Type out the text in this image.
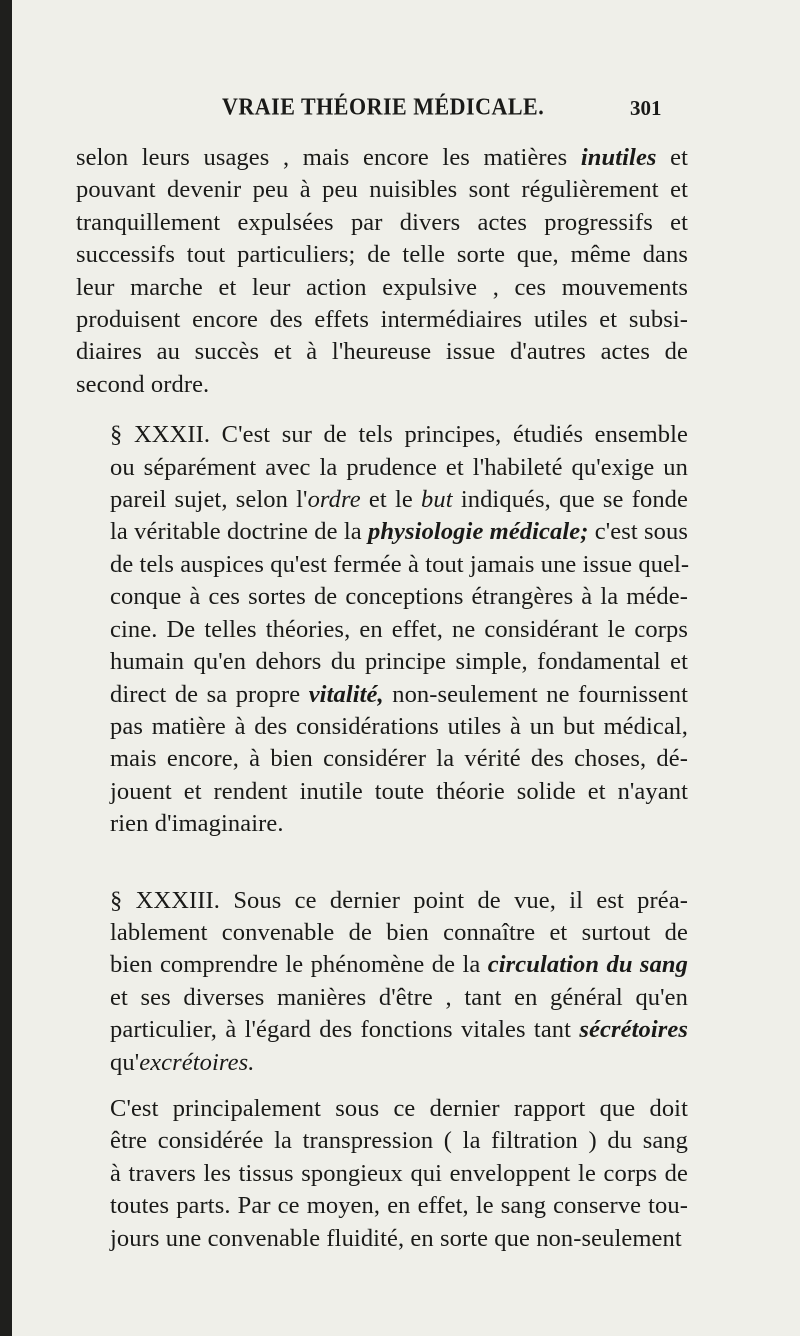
VRAIE THÉORIE MÉDICALE.	301

selon leurs usages , mais encore les matières inutiles et
pouvant devenir peu à peu nuisibles sont régulièrement et
tranquillement expulsées par divers actes progressifs et
successifs tout particuliers; de telle sorte que, même dans
leur marche et leur action expulsive , ces mouvements
produisent encore des effets intermédiaires utiles et subsi-
diaires au succès et à l'heureuse issue d'autres actes de
second ordre.

§ XXXII. C'est sur de tels principes, étudiés ensemble
ou séparément avec la prudence et l'habileté qu'exige un
pareil sujet, selon l'ordre et le but indiqués, que se fonde
la véritable doctrine de la physiologie médicale; c'est sous
de tels auspices qu'est fermée à tout jamais une issue quel-
conque à ces sortes de conceptions étrangères à la méde-
cine. De telles théories, en effet, ne considérant le corps
humain qu'en dehors du principe simple, fondamental et
direct de sa propre vitalité, non-seulement ne fournissent
pas matière à des considérations utiles à un but médical,
mais encore, à bien considérer la vérité des choses, dé-
jouent et rendent inutile toute théorie solide et n'ayant
rien d'imaginaire.

§ XXXIII. Sous ce dernier point de vue, il est préa-
lablement convenable de bien connaître et surtout de
bien comprendre le phénomène de la circulation du sang
et ses diverses manières d'être , tant en général qu'en
particulier, à l'égard des fonctions vitales tant sécrétoires
qu'excrétoires.

C'est principalement sous ce dernier rapport que doit
être considérée la transpression ( la filtration ) du sang
à travers les tissus spongieux qui enveloppent le corps de
toutes parts. Par ce moyen, en effet, le sang conserve tou-
jours une convenable fluidité, en sorte que non-seulement
